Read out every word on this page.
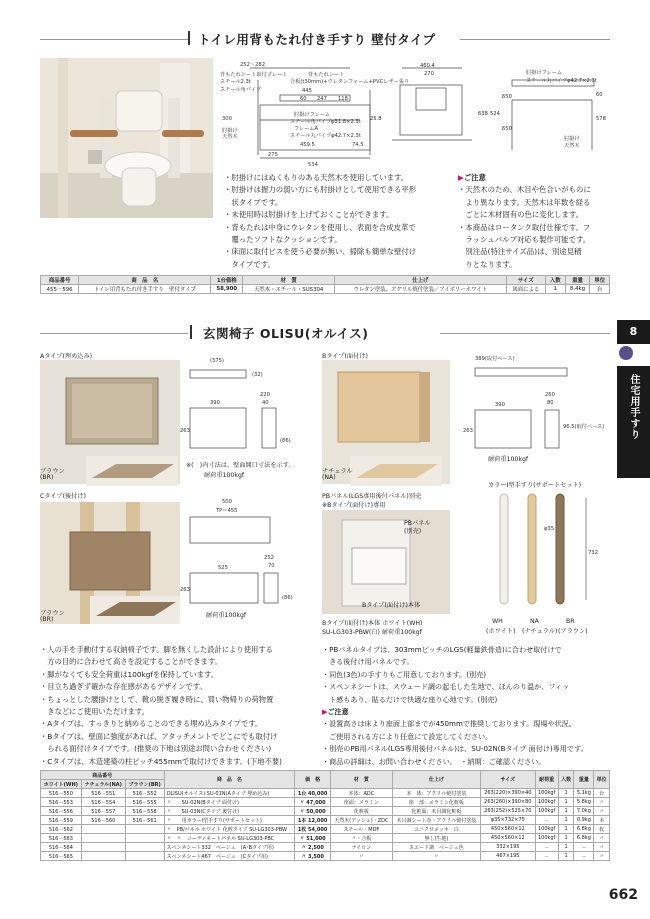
トイレ用背もたれ付き手すり 壁付タイプ
252～282
背もたれシート取付プレート
スチール2.3t
スチール角パイプ
背もたれシート
合板(t30mm)+ウレタンフォーム+PVCレザー張り
445
60 247 118
300
肘掛け
天然木
肘掛けフレーム
スチール角パイプφ31.8×2.3t
フレームA
スチール丸パイプφ42.7×2.3t
459.5	74.5
275
534
25.8
460.4
270	肘掛けフレーム
スチール丸パイプφ42.7×2.3t
肘掛け
天然木
638 524
650
650
578
60
・肘掛けにはぬくもりのある天然木を使用しています。
・肘掛けは握力の弱い方にも肘掛けとして使用できる平形
　状タイプです。
・未使用時は肘掛けを上げておくことができます。
・背もたれは中身にウレタンを使用し、表面を合成皮革で
　覆ったソフトなクッションです。
・床面に取付ビスを使う必要が無い、掃除も簡単な壁付け
　タイプです。
▶ご注意
・天然木のため、木目や色合いがものに
　より異なります。天然木は年数を経る
　ごとに木材固有の色に変化します。
・本商品はロータンク取付仕様です。フ
　ラッシュバルブ対応も製作可能です。
　別注品(特注サイズ品)は、別途見積
　りとなります。
商品番号	商　品　名	1台価格	材　質	仕上げ	サイズ	入数	重量	単位
455－596	トイレ用背もたれ付き手すり　壁付タイプ	58,900	天然木・スチール・SUS304	ウレタン塗装、アクリル焼付塗装／アイボリーホワイト	図面による	1	8.4kg	台
玄関椅子 OLISU(オルイス)
Aタイプ(埋め込み)
ブラウン
(BR)
(375)
(32)
390
220
40
263
(86)
※(　)内寸法は、壁面開口寸法を示す。
耐荷重100kgf
Bタイプ(面付け)
ナチュラル
(NA)
389(取付ベース)
390
260
80
96.5(取付ベース)
263
耐荷重100kgf
Cタイプ(後付け)
ブラウン
(BR)
500
TP＝455
525
252
70
263
(86)
耐荷重100kgf
PBパネル(LGS専用後付パネル)別売
※Bタイプ(面付け)専用
PBパネル
(別売)
Bタイプ(面付け)本体
Bタイプ(面付け)本体 ホワイト(WH)
SU-LG303-PBW(白) 耐荷重100kgf
カラーⅠ型手すり(サポートセット)
φ35
732
WH
(ホワイト)
NA
(ナチュラル)
BR
(ブラウン)
・人の手を手動付する収納椅子です。脚を無くした設計により使用する
　方の目的に合わせて高さを設定することができます。
・脚がなくても安全荷重は100kgfを保持しています。
・目立ち過ぎず確かな存在感があるデザインです。
・ちょっとした腰掛けとして、靴の脱ぎ履き時に、買い物帰りの荷物置
　きなどにご使用いただけます。
・Aタイプは、すっきりと納めることのできる埋め込みタイプです。
・Bタイプは、壁面に強度があれば、アタッチメントでどこにでも取付け
　られる面付けタイプです。(推奨の下地は別途お問い合わせください)
・Cタイプは、木造建築の柱ピッチ455mmで取付けできます。(下地不要)
・PBパネルタイプは、303mmピッチのLGS(軽量鉄骨造)に合わせ取付けで
　きる後付け用パネルです。
・同色(3色)の手すりもご用意しております。(別売)
・スペンネシートは、スウェード調の起毛した生地で、ほんのり温か、フィッ
　ト感もあり、貼るだけで快適な座り心地です。(別売)
▶ご注意
・設置高さは床より座面上部までが450mmで推奨しております。現場や状況、
　ご使用される方により任意にて設定してください。
・別売のPB用パネル(LGS専用後付パネル)は、SU-02N(Bタイプ 面付け)専用です。
・商品の詳細は、お問い合わせください。　・納期：ご確認ください。
商品番号			商　品　名	価　格	材　質	仕上げ	サイズ	耐荷重	入数	重量	単位
ホワイト(WH)	ナチュラル(NA)	ブラウン(BR)									
516－550	516－551	516－552	OLISU(オルイス) SU-01N(Aタイプ 埋め込み)	1台 40,000	本体：ADC	本　体：アクリル焼付塗装	263(220)×390×40	100kgf	1	5.1kg	台
516－553	516－554	516－555	〃　　SU-02N(Bタイプ 面付け)	〃 47,000	座面：メラミン	座　部：メラミン化粧板	263(260)×390×80	100kgf	1	5.8kg	〃
516－556	516－557	516－558	〃　　SU-03N(Cタイプ 後付け)	〃 50,000	化粧板	化粧面：木目調化粧板	263(252)×525×70	100kgf	1	7.0kg	〃
516－559	516－560	516－561	〃　　用カラーⅠ型手すり(サポートセット)	1本 12,000	天然木(アッシュ)・ZDC	木目調シート巻・アクリル焼付塗装	φ35×732×75	－	1	0.9kg	本
516－562			〃　PB/パネル ホワイト 化粧タイプ SU-LG303-PBW	1枚 54,000	スチール・MDF	ユニクロメッキ　白	450×560×12	100kgf	1	6.8kg	枚
516－563			〃　〃　コーディネートパネル SU-LG303-PBC	〃 51,000	〃・合板	無し(生地)	450×560×12	100kgf	1	6.8kg	〃
516－564			スペンネシート332　ベージュ　(A･Bタイプ用)	〃 2,500	ナイロン	スエード調　ベージュ色	332×195	－	1	－	〃
516－565			スペンネシート467　ベージュ　(Cタイプ用)	〃 3,500	〃	〃	467×195	－	1	－	〃
8
住宅用手すり
662
